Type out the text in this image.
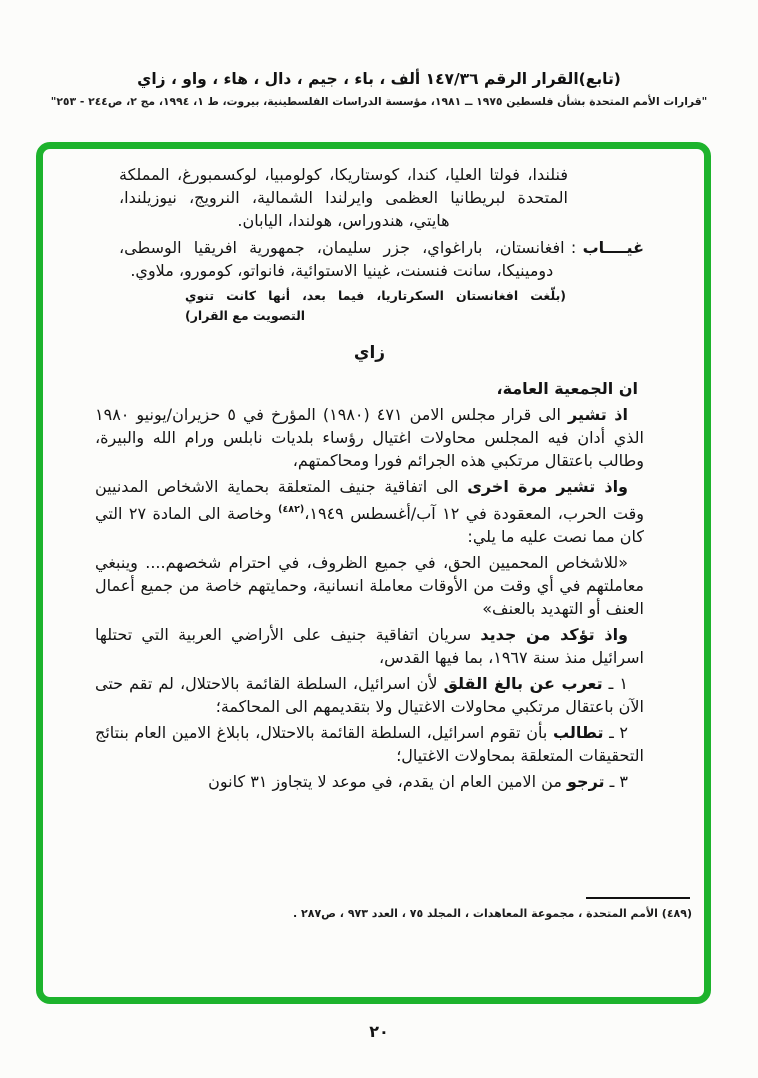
(تابع)القرار الرقم ١٤٧/٣٦ ألف ، باء ، جيم ، دال ، هاء ، واو ، زاي
"قرارات الأمم المتحدة بشأن فلسطين ١٩٧٥ ــ ١٩٨١، مؤسسة الدراسات الفلسطينية، بيروت، ط ١، ١٩٩٤، مج ٢، ص٢٤٤ - ٢٥٣"

فنلندا، فولتا العليا، كندا، كوستاريكا، كولومبيا، لوكسمبورغ، المملكة المتحدة لبريطانيا العظمى وايرلندا الشمالية، النرويج، نيوزيلندا، هايتي، هندوراس، هولندا، اليابان.

غيــــاب
:
افغانستان، باراغواي، جزر سليمان، جمهورية افريقيا الوسطى، دومينيكا، سانت فنسنت، غينيا الاستوائية، فانواتو، كومورو، ملاوي.

(بلّغت افغانستان السكرتاريا، فيما بعد، أنها كانت تنوي التصويت مع القرار)

زاي

ان الجمعية العامة،

اذ تشير الى قرار مجلس الامن ٤٧١ (١٩٨٠) المؤرخ في ٥ حزيران/يونيو ١٩٨٠ الذي أدان فيه المجلس محاولات اغتيال رؤساء بلديات نابلس ورام الله والبيرة، وطالب باعتقال مرتكبي هذه الجرائم فورا ومحاكمتهم،

واذ تشير مرة اخرى الى اتفاقية جنيف المتعلقة بحماية الاشخاص المدنيين وقت الحرب، المعقودة في ١٢ آب/أغسطس ١٩٤٩،$^{(٤٨٢)}$ وخاصة الى المادة ٢٧ التي كان مما نصت عليه ما يلي:

«للاشخاص المحميين الحق، في جميع الظروف، في احترام شخصهم.... وينبغي معاملتهم في أي وقت من الأوقات معاملة انسانية، وحمايتهم خاصة من جميع أعمال العنف أو التهديد بالعنف»

واذ تؤكد من جديد سريان اتفاقية جنيف على الأراضي العربية التي تحتلها اسرائيل منذ سنة ١٩٦٧، بما فيها القدس،

١ ـ تعرب عن بالغ القلق لأن اسرائيل، السلطة القائمة بالاحتلال، لم تقم حتى الآن باعتقال مرتكبي محاولات الاغتيال ولا بتقديمهم الى المحاكمة؛

٢ ـ تطالب بأن تقوم اسرائيل، السلطة القائمة بالاحتلال، بابلاغ الامين العام بنتائج التحقيقات المتعلقة بمحاولات الاغتيال؛

٣ ـ ترجو من الامين العام ان يقدم، في موعد لا يتجاوز ٣١ كانون

(٤٨٩) الأمم المتحدة ، مجموعة المعاهدات ، المجلد ٧٥ ، العدد ٩٧٣ ، ص٢٨٧ .
٢٠
